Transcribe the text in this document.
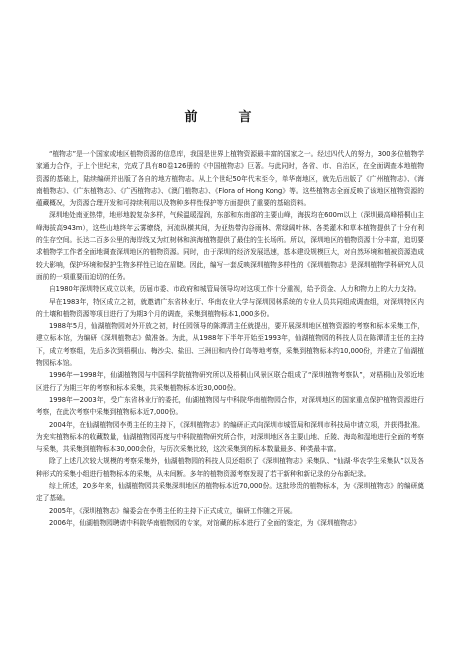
前　言

“植物志”是一个国家或地区植物资源的信息库，我国是世界上植物资源最丰富的国家之一。经过四代人的努力，300多位植物学家通力合作，于上个世纪末，完成了具有80卷126册的《中国植物志》巨著。与此同时，各省、市、自治区，在全面调查本地植物资源的基础上，陆续编研并出版了各自的地方植物志。从上个世纪50年代末至今，单华南地区，就先后出版了《广州植物志》、《海南植物志》、《广东植物志》、《广西植物志》、《澳门植物志》、《Flora of Hong Kong》等。这些植物志全面反映了该地区植物资源的蕴藏概况，为资源合理开发和可持续利用以及物种多样性保护等方面提供了重要的基础资料。

深圳地处南亚热带，地形地貌复杂多样，气候温暖湿润，东部和东南部的主要山峰，海拔均在600m以上（深圳最高峰梧桐山主峰海拔高943m），这些山地终年云雾缭绕，河流纵横其间，为亚热带沟谷雨林、常绿阔叶林、各类灌木和草本植物提供了十分有利的生存空间。长达二百多公里的海岸线又为红树林和滨海植物提供了最佳的生长场所。所以，深圳地区的植物资源十分丰富，追切要求植物学工作者全面地调查深圳地区的植物资源。同时，由于深圳的经济发展迅速，基本建设规模巨大，对自然环境和植被资源造成较大影响，保护环境和保护生物多样性已迫在眉睫。因此，编写一套反映深圳植物多样性的《深圳植物志》是深圳植物学科研究人员面前的一项重要而迫切的任务。

自1980年深圳特区成立以来，历届市委、市政府和城管局领导均对这项工作十分重视，给予资金、人力和物力上的大力支持。

早在1983年，特区成立之初，就邀请广东省林业厅、华南农业大学与深圳园林系统的专业人员共同组成调查组，对深圳特区内的土壤和植物资源等项目进行了为期3个月的调查，采集到植物标本1,000多份。

1988年5月，仙湖植物园对外开放之初，时任园领导的陈潭清主任就提出，要开展深圳地区植物资源的考察和标本采集工作，建立标本馆，为编研《深圳植物志》做准备。为此，从1988年下半年开始至1993年，仙湖植物园的科技人员在陈潭清主任的主持下，成立考察组，先后多次到梧桐山、梅沙尖、盐田、三洲田和内伶仃岛等地考察，采集到植物标本约10,000份，并建立了仙湖植物园标本馆。

1996年—1998年，仙湖植物园与中国科学院植物研究所以及梧桐山风景区联合组成了“深圳植物考察队”，对梧桐山及邻近地区进行了为期三年的考察和标本采集，共采集植物标本近30,000份。

1998年—2003年，受广东省林业厅的委托，仙湖植物园与中科院华南植物园合作，对深圳地区的国家重点保护植物资源进行考察，在此次考察中采集到植物标本近7,000份。

2004年，在仙湖植物园李勇主任的主持下，《深圳植物志》的编研正式向深圳市城管局和深圳市科技局申请立项，并获得批准。为充实植物标本的收藏数量，仙湖植物园再度与中科院植物研究所合作，对深圳地区各主要山地、丘陵、海岛和湿地进行全面的考察与采集，共采集到植物标本30,000余份，与历次采集比较，这次采集到的标本数量最多、种类最丰富。

除了上述几次较大规模的考察采集外，仙湖植物园的科技人员还组织了《深圳植物志》采集队、“仙湖·华农学生采集队”以及各种形式的采集小组进行植物标本的采集，从未间断。多年的植物资源考察发现了若干新种和新记录的分布新纪录。

综上所述，20多年来，仙湖植物园共采集深圳地区的植物标本近70,000份。这批珍贵的植物标本，为《深圳植物志》的编研奠定了基础。

2005年，《深圳植物志》编委会在李勇主任的主持下正式成立，编研工作随之开展。

2006年，仙湖植物园聘请中科院华南植物园的专家，对馆藏的标本进行了全面的鉴定，为《深圳植物志》
